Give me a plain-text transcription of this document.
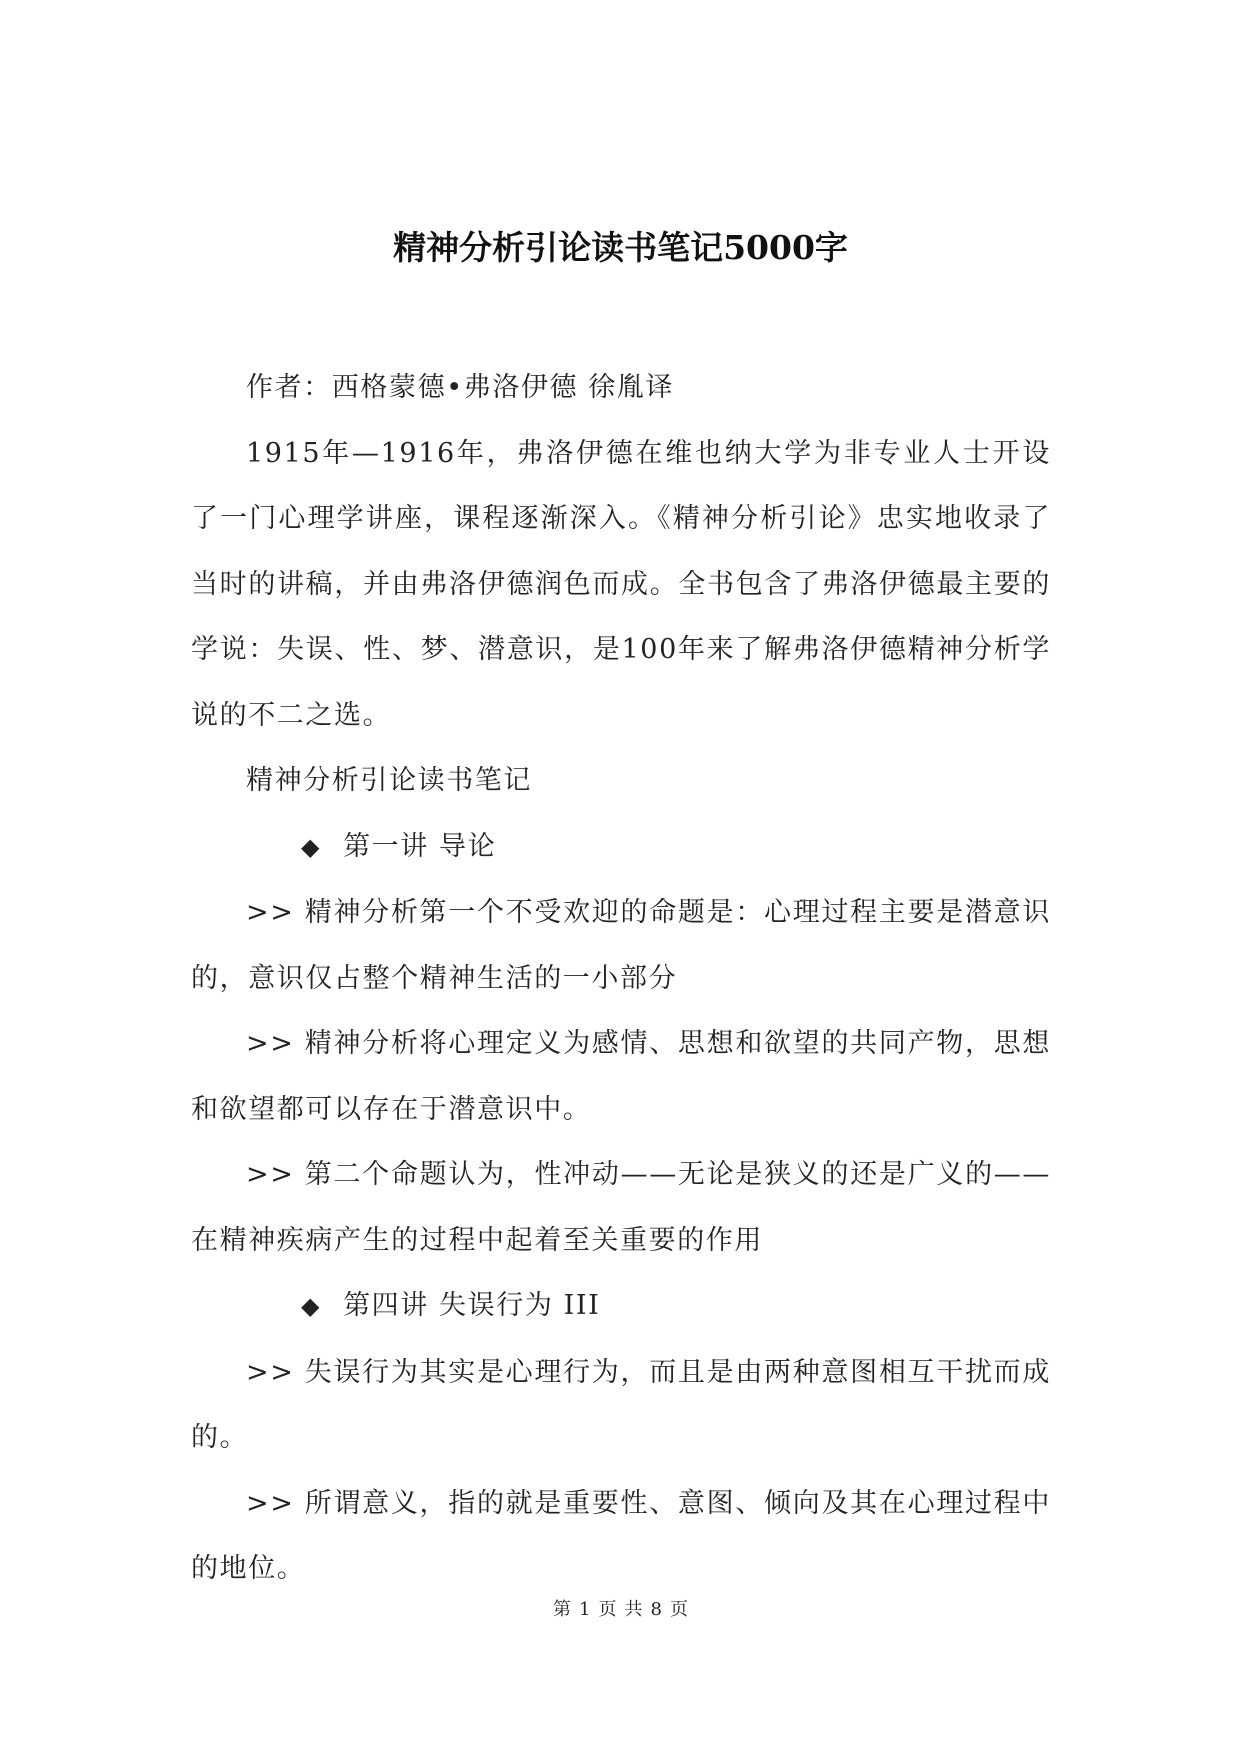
精神分析引论读书笔记5000字

作者：西格蒙德•弗洛伊德 徐胤译

1915年—1916年，弗洛伊德在维也纳大学为非专业人士开设了一门心理学讲座，课程逐渐深入。《精神分析引论》忠实地收录了当时的讲稿，并由弗洛伊德润色而成。全书包含了弗洛伊德最主要的学说：失误、性、梦、潜意识，是100年来了解弗洛伊德精神分析学说的不二之选。

精神分析引论读书笔记

◆ 第一讲 导论

>> 精神分析第一个不受欢迎的命题是：心理过程主要是潜意识的，意识仅占整个精神生活的一小部分

>> 精神分析将心理定义为感情、思想和欲望的共同产物，思想和欲望都可以存在于潜意识中。

>> 第二个命题认为，性冲动——无论是狭义的还是广义的——在精神疾病产生的过程中起着至关重要的作用

◆ 第四讲 失误行为 III

>> 失误行为其实是心理行为，而且是由两种意图相互干扰而成的。

>> 所谓意义，指的就是重要性、意图、倾向及其在心理过程中的地位。

第 1 页 共 8 页
